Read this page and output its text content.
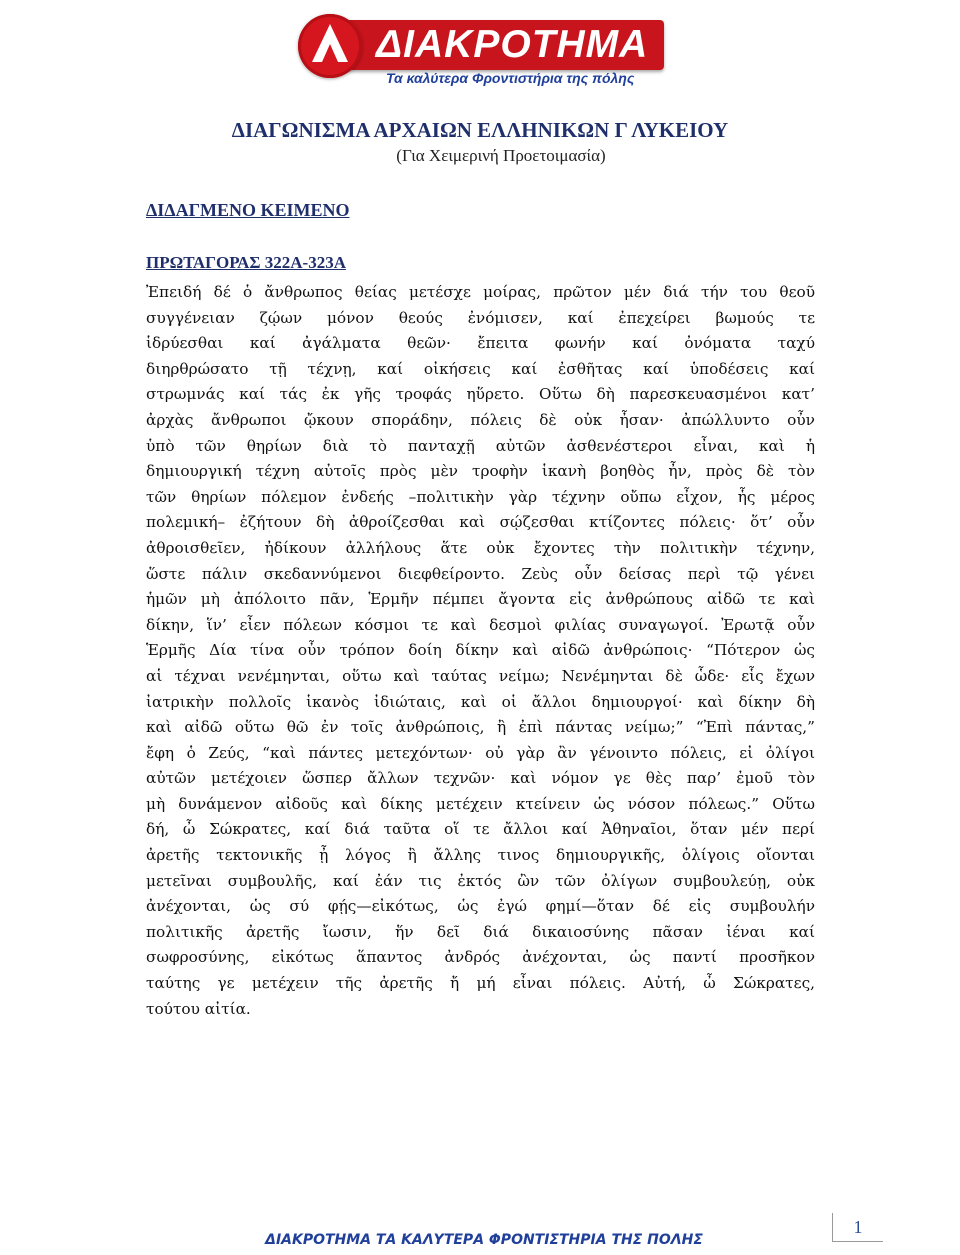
ΔΙΑΚΡΟΤΗΜΑ
Τα καλύτερα Φροντιστήρια της πόλης
ΔΙΑΓΩΝΙΣΜΑ ΑΡΧΑΙΩΝ ΕΛΛΗΝΙΚΩΝ Γ ΛΥΚΕΙΟΥ
(Για Χειμερινή Προετοιμασία)
ΔΙΔΑΓΜΕΝΟ ΚΕΙΜΕΝΟ
ΠΡΩΤΑΓΟΡΑΣ 322Α-323Α
Ἐπειδή δέ ὁ ἄνθρωπος θείας μετέσχε μοίρας, πρῶτον μέν διά τήν του θεοῦ
συγγένειαν ζῴων μόνον θεούς ἐνόμισεν, καί ἐπεχείρει βωμούς τε
ἱδρύεσθαι καί ἀγάλματα θεῶν· ἔπειτα φωνήν καί ὀνόματα ταχύ
διηρθρώσατο τῇ τέχνῃ, καί οἰκήσεις καί ἐσθῆτας καί ὑποδέσεις καί
στρωμνάς καί τάς ἐκ γῆς τροφάς ηὕρετο. Οὕτω δὴ παρεσκευασμένοι κατ’
ἀρχὰς ἄνθρωποι ᾤκουν σποράδην, πόλεις δὲ οὐκ ἦσαν· ἀπώλλυντο οὖν
ὑπὸ τῶν θηρίων διὰ τὸ πανταχῇ αὐτῶν ἀσθενέστεροι εἶναι, καὶ ἡ
δημιουργική τέχνη αὐτοῖς πρὸς μὲν τροφὴν ἱκανὴ βοηθὸς ἦν, πρὸς δὲ τὸν
τῶν θηρίων πόλεμον ἐνδεής –πολιτικὴν γὰρ τέχνην οὔπω εἶχον, ἧς μέρος
πολεμική– ἐζήτουν δὴ ἀθροίζεσθαι καὶ σῴζεσθαι κτίζοντες πόλεις· ὅτ’ οὖν
ἀθροισθεῖεν, ἠδίκουν ἀλλήλους ἅτε οὐκ ἔχοντες τὴν πολιτικὴν τέχνην,
ὥστε πάλιν σκεδαννύμενοι διεφθείροντο. Ζεὺς οὖν δείσας περὶ τῷ γένει
ἡμῶν μὴ ἀπόλοιτο πᾶν, Ἑρμῆν πέμπει ἄγοντα εἰς ἀνθρώπους αἰδῶ τε καὶ
δίκην, ἵν’ εἶεν πόλεων κόσμοι τε καὶ δεσμοὶ φιλίας συναγωγοί. Ἐρωτᾷ οὖν
Ἑρμῆς Δία τίνα οὖν τρόπον δοίη δίκην καὶ αἰδῶ ἀνθρώποις· “Πότερον ὡς
αἱ τέχναι νενέμηνται, οὕτω καὶ ταύτας νείμω; Νενέμηνται δὲ ὧδε· εἷς ἔχων
ἰατρικὴν πολλοῖς ἱκανὸς ἰδιώταις, καὶ οἱ ἄλλοι δημιουργοί· καὶ δίκην δὴ
καὶ αἰδῶ οὕτω θῶ ἐν τοῖς ἀνθρώποις, ἢ ἐπὶ πάντας νείμω;” “Ἐπὶ πάντας,”
ἔφη ὁ Ζεύς, “καὶ πάντες μετεχόντων· οὐ γὰρ ἂν γένοιντο πόλεις, εἰ ὀλίγοι
αὐτῶν μετέχοιεν ὥσπερ ἄλλων τεχνῶν· καὶ νόμον γε θὲς παρ’ ἐμοῦ τὸν
μὴ δυνάμενον αἰδοῦς καὶ δίκης μετέχειν κτείνειν ὡς νόσον πόλεως.” Οὕτω
δή, ὦ Σώκρατες, καί διά ταῦτα οἵ τε ἄλλοι καί Ἀθηναῖοι, ὅταν μέν περί
ἀρετῆς τεκτονικῆς ᾖ λόγος ἢ ἄλλης τινος δημιουργικῆς, ὀλίγοις οἴονται
μετεῖναι συμβουλῆς, καί ἐάν τις ἐκτός ὢν τῶν ὀλίγων συμβουλεύῃ, οὐκ
ἀνέχονται, ὡς σύ φῄς—εἰκότως, ὡς ἐγώ φημί—ὅταν δέ εἰς συμβουλήν
πολιτικῆς ἀρετῆς ἴωσιν, ἥν δεῖ διά δικαιοσύνης πᾶσαν ἰέναι καί
σωφροσύνης, εἰκότως ἅπαντος ἀνδρός ἀνέχονται, ὡς παντί προσῆκον
ταύτης γε μετέχειν τῆς ἀρετῆς ἤ μή εἶναι πόλεις. Αὐτή, ὦ Σώκρατες,
τούτου αἰτία.
1
ΔΙΑΚΡΟΤΗΜΑ ΤΑ ΚΑΛΥΤΕΡΑ ΦΡΟΝΤΙΣΤΗΡΙΑ ΤΗΣ ΠΟΛΗΣ
